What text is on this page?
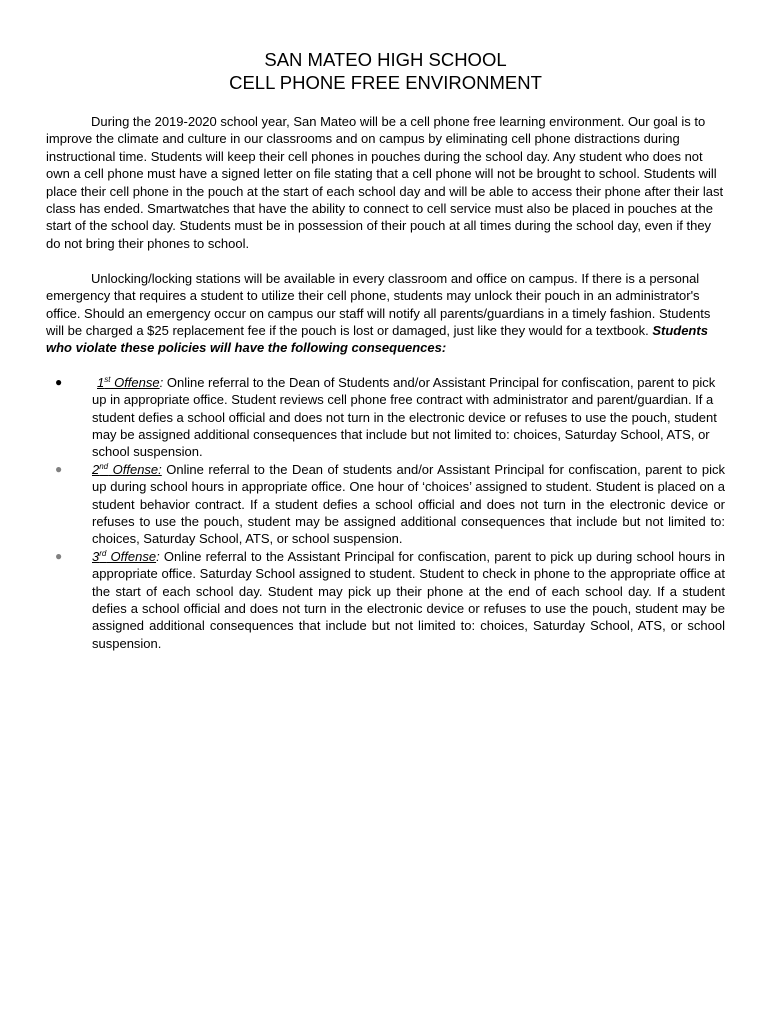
SAN MATEO HIGH SCHOOL
CELL PHONE FREE ENVIRONMENT

During the 2019-2020 school year, San Mateo will be a cell phone free learning environment. Our goal is to improve the climate and culture in our classrooms and on campus by eliminating cell phone distractions during instructional time. Students will keep their cell phones in pouches during the school day. Any student who does not own a cell phone must have a signed letter on file stating that a cell phone will not be brought to school. Students will place their cell phone in the pouch at the start of each school day and will be able to access their phone after their last class has ended. Smartwatches that have the ability to connect to cell service must also be placed in pouches at the start of the school day. Students must be in possession of their pouch at all times during the school day, even if they do not bring their phones to school.

Unlocking/locking stations will be available in every classroom and office on campus. If there is a personal emergency that requires a student to utilize their cell phone, students may unlock their pouch in an administrator's office. Should an emergency occur on campus our staff will notify all parents/guardians in a timely fashion. Students will be charged a $25 replacement fee if the pouch is lost or damaged, just like they would for a textbook. Students who violate these policies will have the following consequences:

●	1st Offense: Online referral to the Dean of Students and/or Assistant Principal for confiscation, parent to pick up in appropriate office. Student reviews cell phone free contract with administrator and parent/guardian. If a student defies a school official and does not turn in the electronic device or refuses to use the pouch, student may be assigned additional consequences that include but not limited to: choices, Saturday School, ATS, or school suspension.
● 2nd Offense: Online referral to the Dean of students and/or Assistant Principal for confiscation, parent to pick up during school hours in appropriate office. One hour of ‘choices’ assigned to student. Student is placed on a student behavior contract. If a student defies a school official and does not turn in the electronic device or refuses to use the pouch, student may be assigned additional consequences that include but not limited to: choices, Saturday School, ATS, or school suspension.
● 3rd Offense: Online referral to the Assistant Principal for confiscation, parent to pick up during school hours in appropriate office. Saturday School assigned to student. Student to check in phone to the appropriate office at the start of each school day. Student may pick up their phone at the end of each school day. If a student defies a school official and does not turn in the electronic device or refuses to use the pouch, student may be assigned additional consequences that include but not limited to: choices, Saturday School, ATS, or school suspension.
